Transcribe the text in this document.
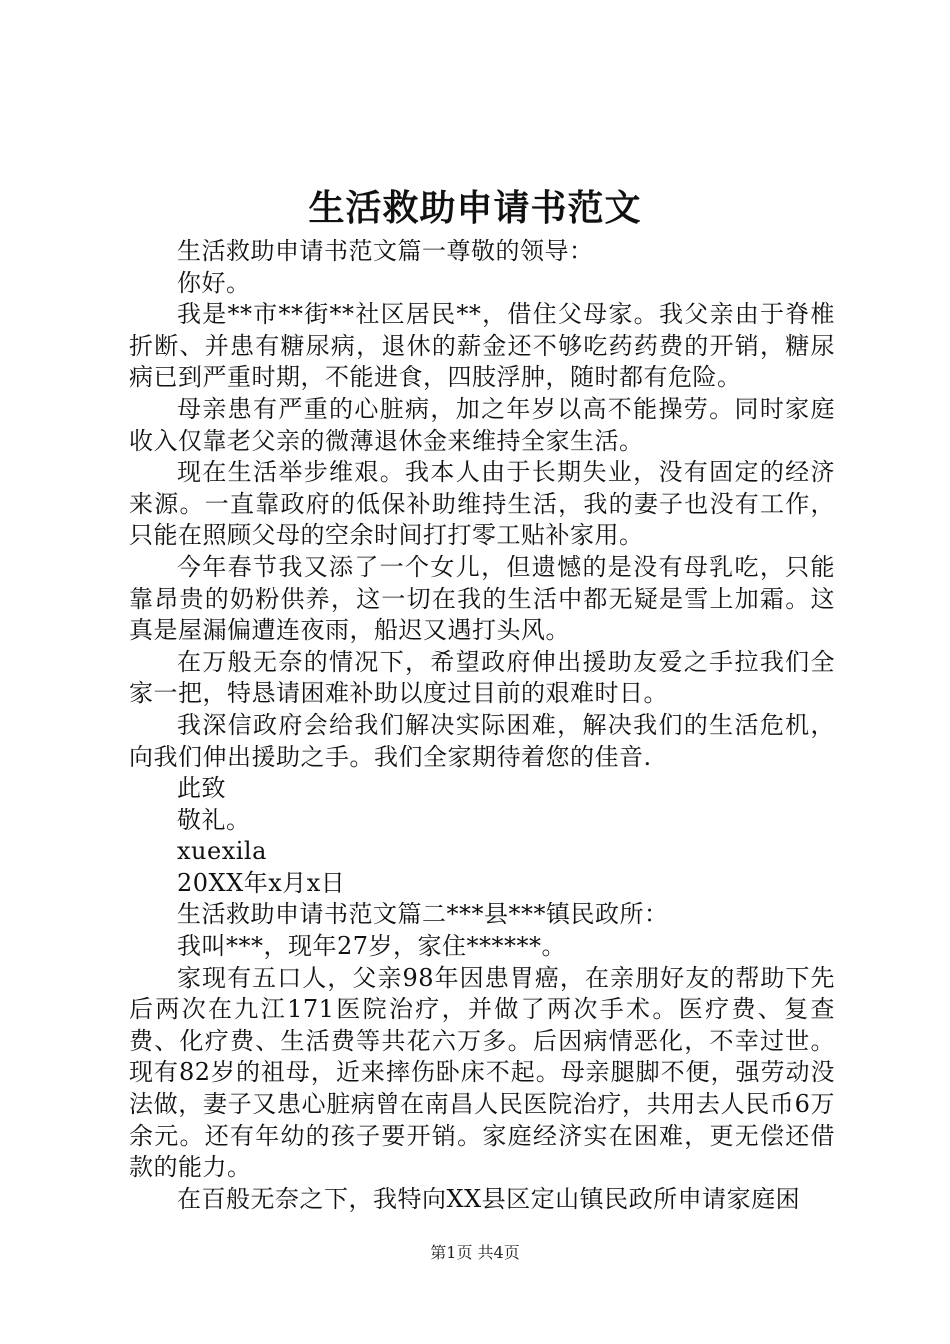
生活救助申请书范文

生活救助申请书范文篇一尊敬的领导：

你好。

我是**市**街**社区居民**，借住父母家。我父亲由于脊椎折断、并患有糖尿病，退休的薪金还不够吃药药费的开销，糖尿病已到严重时期，不能进食，四肢浮肿，随时都有危险。

母亲患有严重的心脏病，加之年岁以高不能操劳。同时家庭收入仅靠老父亲的微薄退休金来维持全家生活。

现在生活举步维艰。我本人由于长期失业，没有固定的经济来源。一直靠政府的低保补助维持生活，我的妻子也没有工作，只能在照顾父母的空余时间打打零工贴补家用。

今年春节我又添了一个女儿，但遗憾的是没有母乳吃，只能靠昂贵的奶粉供养，这一切在我的生活中都无疑是雪上加霜。这真是屋漏偏遭连夜雨，船迟又遇打头风。

在万般无奈的情况下，希望政府伸出援助友爱之手拉我们全家一把，特恳请困难补助以度过目前的艰难时日。

我深信政府会给我们解决实际困难，解决我们的生活危机，向我们伸出援助之手。我们全家期待着您的佳音.

此致

敬礼。

xuexila

20XX年x月x日

生活救助申请书范文篇二***县***镇民政所：

我叫***，现年27岁，家住******。

家现有五口人，父亲98年因患胃癌，在亲朋好友的帮助下先后两次在九江171医院治疗，并做了两次手术。医疗费、复查费、化疗费、生活费等共花六万多。后因病情恶化，不幸过世。现有82岁的祖母，近来摔伤卧床不起。母亲腿脚不便，强劳动没法做，妻子又患心脏病曾在南昌人民医院治疗，共用去人民币6万余元。还有年幼的孩子要开销。家庭经济实在困难，更无偿还借款的能力。

在百般无奈之下，我特向XX县区定山镇民政所申请家庭困

第1页 共4页
